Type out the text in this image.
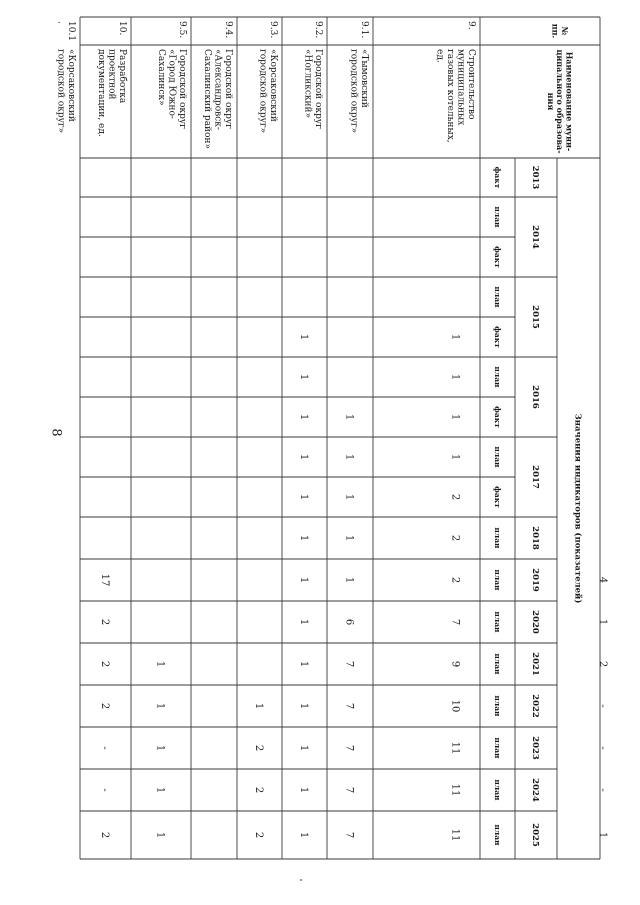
8
№пп.
Наименование муни-ципального образова-ния
Значения индикаторов (показателей)
2013
2014
2015
2016
2017
2018
2019
2020
2021
2022
2023
2024
2025
факт
план
факт
план
факт
план
факт
план
факт
план
план
план
план
план
план
план
план
9.
Строительствомуниципальныхгазовых котельных,ед.
1
1
1
1
2
2
2
7
9
10
11
11
11
9.1.
«Тымовскийгородской округ»
1
1
1
1
1
6
7
7
7
7
7
9.2.
Городской округ«Ногликский»
1
1
1
1
1
1
1
1
1
1
1
1
1
9.3.
«Корсаковскийгородской округ»
1
2
2
2
9.4.
Городской округ«Александровск-Сахалинский район»
9.5.
Городской округ«Город Южно-Сахалинск»
1
1
1
1
1
10.
Разработкапроектнойдокументации, ед.
17
2
2
2
-
-
2
10.1.
«Корсаковскийгородской округ»
4
1
2
-
-
-
1
